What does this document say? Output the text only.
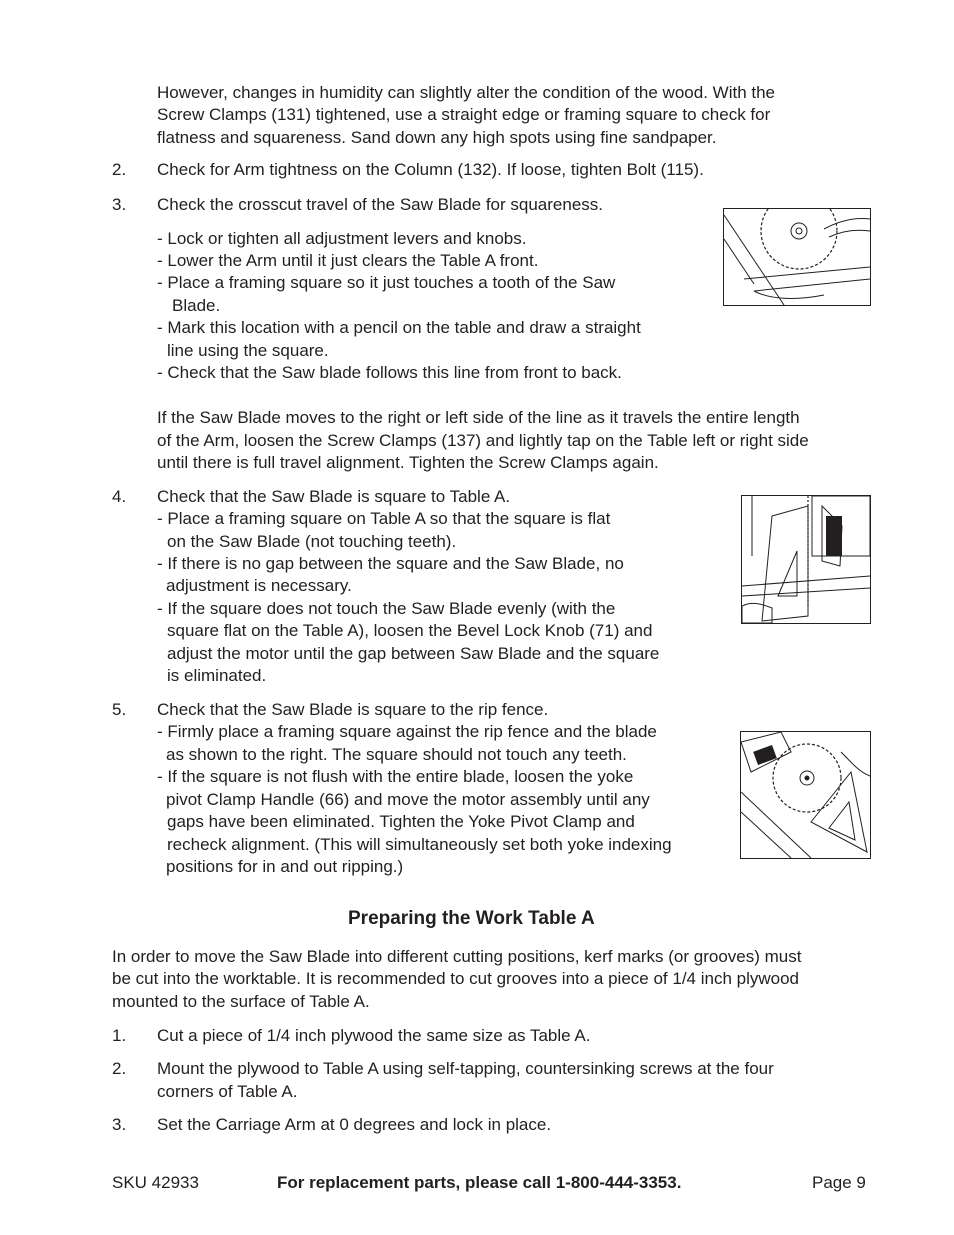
However, changes in humidity can slightly alter the condition of the wood. With the
Screw Clamps (131) tightened, use a straight edge or framing square to check for
flatness and squareness. Sand down any high spots using fine sandpaper.
2. Check for Arm tightness on the Column (132). If loose, tighten Bolt (115).
3. Check the crosscut travel of the Saw Blade for squareness.
- Lock or tighten all adjustment levers and knobs.
- Lower the Arm until it just clears the Table A front.
- Place a framing square so it just touches a tooth of the Saw
Blade.
- Mark this location with a pencil on the table and draw a straight
line using the square.
- Check that the Saw blade follows this line from front to back.
If the Saw Blade moves to the right or left side of the line as it travels the entire length
of the Arm, loosen the Screw Clamps (137) and lightly tap on the Table left or right side
until there is full travel alignment. Tighten the Screw Clamps again.
4. Check that the Saw Blade is square to Table A.
- Place a framing square on Table A so that the square is flat
on the Saw Blade (not touching teeth).
- If there is no gap between the square and the Saw Blade, no
adjustment is necessary.
- If the square does not touch the Saw Blade evenly (with the
square flat on the Table A), loosen the Bevel Lock Knob (71) and
adjust the motor until the gap between Saw Blade and the square
is eliminated.
5. Check that the Saw Blade is square to the rip fence.
- Firmly place a framing square against the rip fence and the blade
as shown to the right. The square should not touch any teeth.
- If the square is not flush with the entire blade, loosen the yoke
pivot Clamp Handle (66) and move the motor assembly until any
gaps have been eliminated. Tighten the Yoke Pivot Clamp and
recheck alignment. (This will simultaneously set both yoke indexing
positions for in and out ripping.)
Preparing the Work Table A
In order to move the Saw Blade into different cutting positions, kerf marks (or grooves) must
be cut into the worktable. It is recommended to cut grooves into a piece of 1/4 inch plywood
mounted to the surface of Table A.
1. Cut a piece of 1/4 inch plywood the same size as Table A.
2. Mount the plywood to Table A using self-tapping, countersinking screws at the four
corners of Table A.
3. Set the Carriage Arm at 0 degrees and lock in place.
SKU 42933	For replacement parts, please call 1-800-444-3353.	Page 9
